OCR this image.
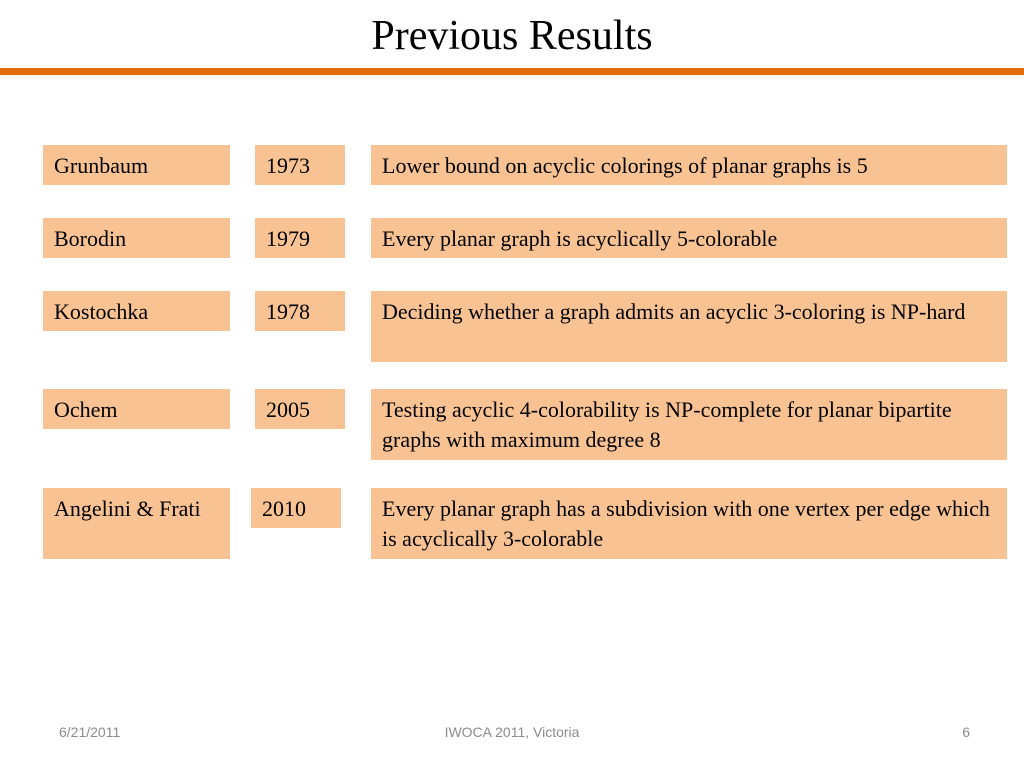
Previous Results
Grunbaum	1973	Lower bound on acyclic colorings of planar graphs is 5
Borodin	1979	Every planar graph is acyclically 5-colorable
Kostochka	1978	Deciding whether a graph admits an acyclic 3-coloring is NP-hard
Ochem	2005	Testing acyclic 4-colorability is NP-complete for planar bipartite graphs with maximum degree 8
Angelini & Frati	2010	Every planar graph has a subdivision with one vertex per edge which is acyclically 3-colorable
6/21/2011	IWOCA 2011, Victoria	6
